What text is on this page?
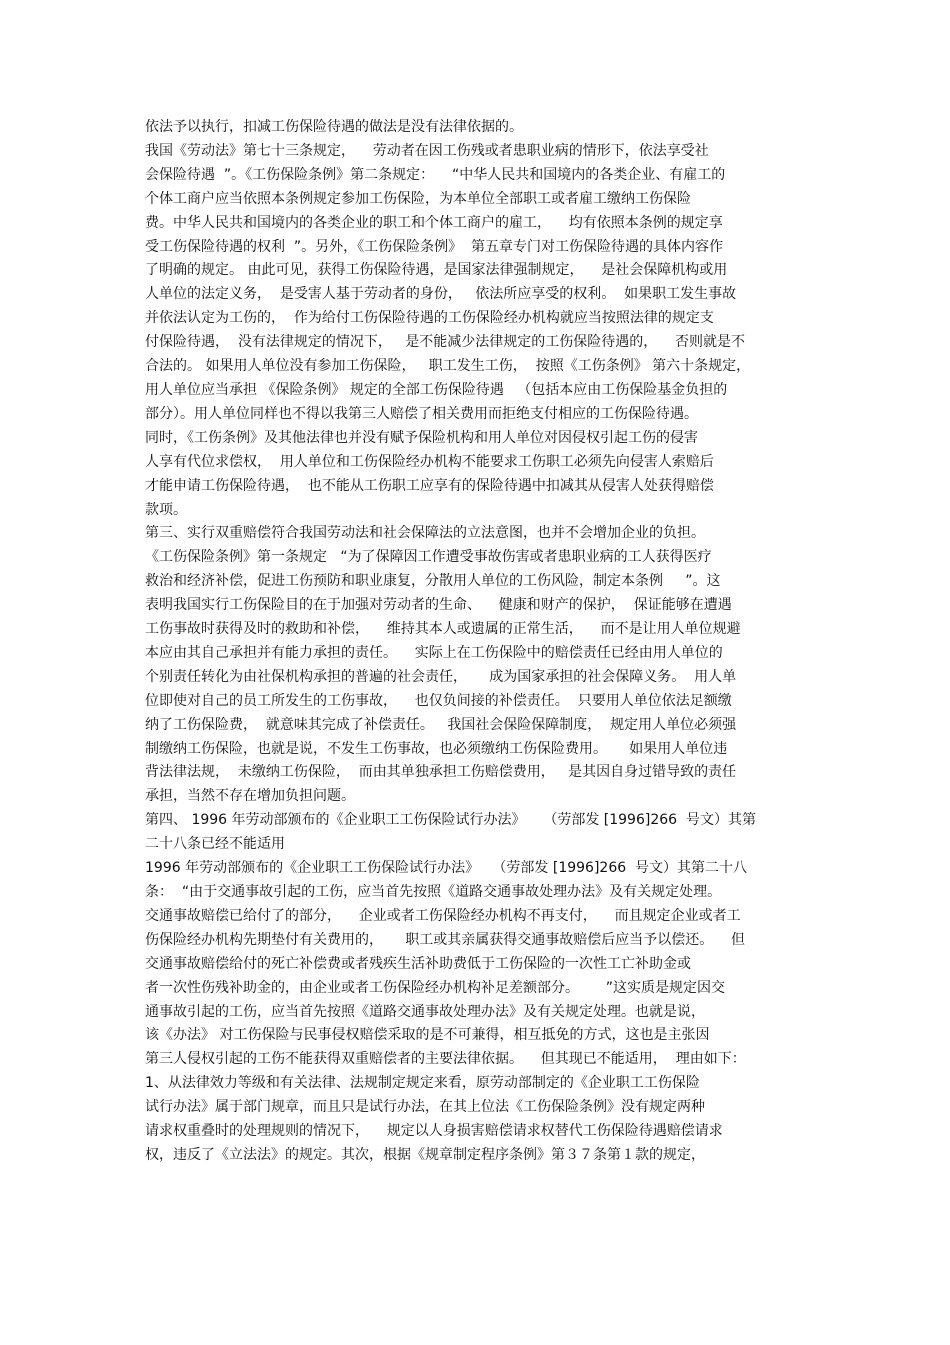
依法予以执行，扣减工伤保险待遇的做法是没有法律依据的。
我国《劳动法》第七十三条规定，    劳动者在因工伤残或者患职业病的情形下，依法享受社
会保险待遇  ”。《工伤保险条例》第二条规定：    “中华人民共和国境内的各类企业、有雇工的
个体工商户应当依照本条例规定参加工伤保险，为本单位全部职工或者雇工缴纳工伤保险
费。中华人民共和国境内的各类企业的职工和个体工商户的雇工，    均有依照本条例的规定享
受工伤保险待遇的权利  ”。另外，《工伤保险条例》  第五章专门对工伤保险待遇的具体内容作
了明确的规定。 由此可见，获得工伤保险待遇，是国家法律强制规定，    是社会保障机构或用
人单位的法定义务，  是受害人基于劳动者的身份，   依法所应享受的权利。  如果职工发生事故
并依法认定为工伤的，  作为给付工伤保险待遇的工伤保险经办机构就应当按照法律的规定支
付保险待遇，  没有法律规定的情况下，   是不能减少法律规定的工伤保险待遇的，    否则就是不
合法的。 如果用人单位没有参加工伤保险，   职工发生工伤，  按照《工伤条例》 第六十条规定，
用人单位应当承担 《保险条例》 规定的全部工伤保险待遇   （包括本应由工伤保险基金负担的
部分）。用人单位同样也不得以我第三人赔偿了相关费用而拒绝支付相应的工伤保险待遇。
同时，《工伤条例》及其他法律也并没有赋予保险机构和用人单位对因侵权引起工伤的侵害
人享有代位求偿权，  用人单位和工伤保险经办机构不能要求工伤职工必须先向侵害人索赔后
才能申请工伤保险待遇，  也不能从工伤职工应享有的保险待遇中扣减其从侵害人处获得赔偿
款项。
第三、实行双重赔偿符合我国劳动法和社会保障法的立法意图，也并不会增加企业的负担。
《工伤保险条例》第一条规定   “为了保障因工作遭受事故伤害或者患职业病的工人获得医疗
救治和经济补偿，促进工伤预防和职业康复，分散用人单位的工伤风险，制定本条例     ”。这
表明我国实行工伤保险目的在于加强对劳动者的生命、    健康和财产的保护，  保证能够在遭遇
工伤事故时获得及时的救助和补偿，    维持其本人或遗属的正常生活，    而不是让用人单位规避
本应由其自己承担并有能力承担的责任。    实际上在工伤保险中的赔偿责任已经由用人单位的
个别责任转化为由社保机构承担的普遍的社会责任，     成为国家承担的社会保障义务。  用人单
位即使对自己的员工所发生的工伤事故，    也仅负间接的补偿责任。  只要用人单位依法足额缴
纳了工伤保险费，  就意味其完成了补偿责任。   我国社会保险保障制度，  规定用人单位必须强
制缴纳工伤保险，也就是说，不发生工伤事故，也必须缴纳工伤保险费用。     如果用人单位违
背法律法规，  未缴纳工伤保险，  而由其单独承担工伤赔偿费用，   是其因自身过错导致的责任
承担，当然不存在增加负担问题。
第四、 1996 年劳动部颁布的《企业职工工伤保险试行办法》    （劳部发 [1996]266  号文）其第
二十八条已经不能适用
1996 年劳动部颁布的《企业职工工伤保险试行办法》   （劳部发 [1996]266  号文）其第二十八
条：  “由于交通事故引起的工伤，应当首先按照《道路交通事故处理办法》及有关规定处理。
交通事故赔偿已给付了的部分，    企业或者工伤保险经办机构不再支付，    而且规定企业或者工
伤保险经办机构先期垫付有关费用的，     职工或其亲属获得交通事故赔偿后应当予以偿还。    但
交通事故赔偿给付的死亡补偿费或者残疾生活补助费低于工伤保险的一次性工亡补助金或
者一次性伤残补助金的，由企业或者工伤保险经办机构补足差额部分。      ”这实质是规定因交
通事故引起的工伤，应当首先按照《道路交通事故处理办法》及有关规定处理。也就是说，
该《办法》 对工伤保险与民事侵权赔偿采取的是不可兼得，相互抵免的方式，这也是主张因
第三人侵权引起的工伤不能获得双重赔偿者的主要法律依据。    但其现已不能适用，  理由如下：
1、从法律效力等级和有关法律、法规制定规定来看，原劳动部制定的《企业职工工伤保险
试行办法》属于部门规章，而且只是试行办法，在其上位法《工伤保险条例》没有规定两种
请求权重叠时的处理规则的情况下，    规定以人身损害赔偿请求权替代工伤保险待遇赔偿请求
权，违反了《立法法》的规定。其次，根据《规章制定程序条例》第３７条第１款的规定，
